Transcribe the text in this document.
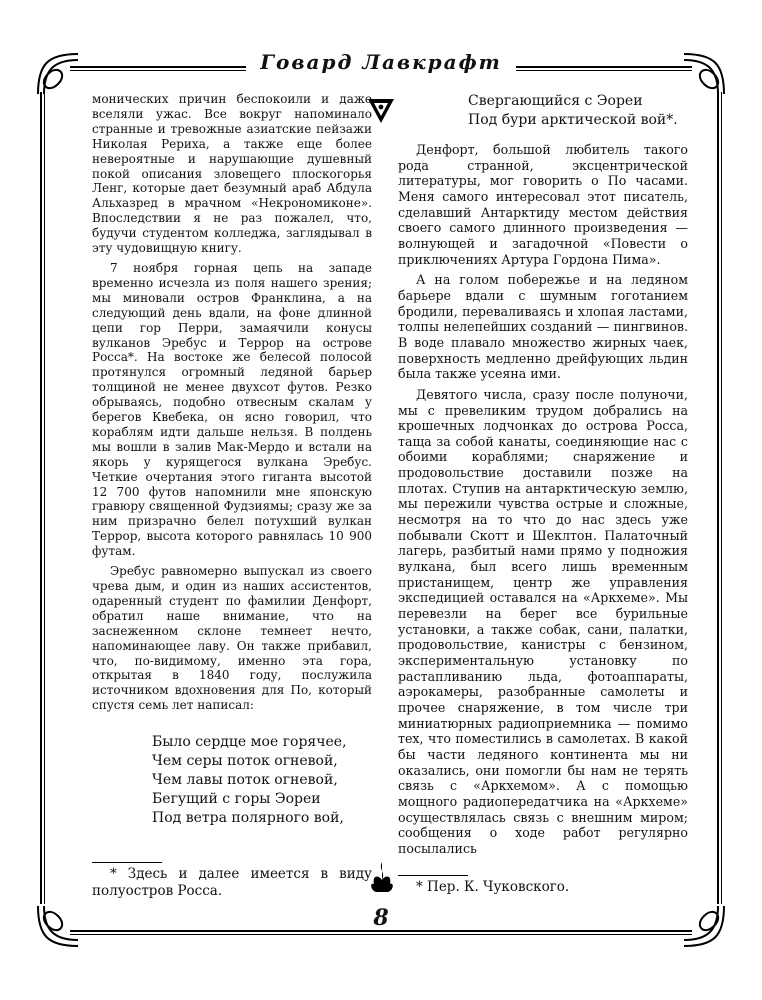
Говард Лавкрафт

монических причин беспокоили и даже вселяли ужас. Все вокруг напоминало странные и тревожные азиатские пейзажи Николая Рериха, а также еще более невероятные и нарушающие душевный покой описания зловещего плоскогорья Ленг, которые дает безумный араб Абдула Альхазред в мрачном «Некрономиконе». Впоследствии я не раз пожалел, что, будучи студентом колледжа, заглядывал в эту чудовищную книгу.

7 ноября горная цепь на западе временно исчезла из поля нашего зрения; мы миновали остров Франклина, а на следующий день вдали, на фоне длинной цепи гор Перри, замаячили конусы вулканов Эребус и Террор на острове Росса*. На востоке же белесой полосой протянулся огромный ледяной барьер толщиной не менее двухсот футов. Резко обрываясь, подобно отвесным скалам у берегов Квебека, он ясно говорил, что кораблям идти дальше нельзя. В полдень мы вошли в залив Мак-Мердо и встали на якорь у курящегося вулкана Эребус. Четкие очертания этого гиганта высотой 12 700 футов напомнили мне японскую гравюру священной Фудзиямы; сразу же за ним призрачно белел потухший вулкан Террор, высота которого равнялась 10 900 футам.

Эребус равномерно выпускал из своего чрева дым, и один из наших ассистентов, одаренный студент по фамилии Денфорт, обратил наше внимание, что на заснеженном склоне темнеет нечто, напоминающее лаву. Он также прибавил, что, по-видимому, именно эта гора, открытая в 1840 году, послужила источником вдохновения для По, который спустя семь лет написал:

Было сердце мое горячее,
Чем серы поток огневой,
Чем лавы поток огневой,
Бегущий с горы Эореи
Под ветра полярного вой,
* Здесь и далее имеется в виду полуостров Росса.
Свергающийся с Эореи
Под бури арктической вой*.

Денфорт, большой любитель такого рода странной, эксцентрической литературы, мог говорить о По часами. Меня самого интересовал этот писатель, сделавший Антарктиду местом действия своего самого длинного произведения — волнующей и загадочной «Повести о приключениях Артура Гордона Пима».

А на голом побережье и на ледяном барьере вдали с шумным гоготанием бродили, переваливаясь и хлопая ластами, толпы нелепейших созданий — пингвинов. В воде плавало множество жирных чаек, поверхность медленно дрейфующих льдин была также усеяна ими.

Девятого числа, сразу после полуночи, мы с превеликим трудом добрались на крошечных лодчонках до острова Росса, таща за собой канаты, соединяющие нас с обоими кораблями; снаряжение и продовольствие доставили позже на плотах. Ступив на антарктическую землю, мы пережили чувства острые и сложные, несмотря на то что до нас здесь уже побывали Скотт и Шеклтон. Палаточный лагерь, разбитый нами прямо у подножия вулкана, был всего лишь временным пристанищем, центр же управления экспедицией оставался на «Аркхеме». Мы перевезли на берег все бурильные установки, а также собак, сани, палатки, продовольствие, канистры с бензином, экспериментальную установку по растапливанию льда, фотоаппараты, аэрокамеры, разобранные самолеты и прочее снаряжение, в том числе три миниатюрных радиоприемника — помимо тех, что поместились в самолетах. В какой бы части ледяного континента мы ни оказались, они помогли бы нам не терять связь с «Аркхемом». А с помощью мощного радиопередатчика на «Аркхеме» осуществлялась связь с внешним миром; сообщения о ходе работ регулярно посылались

* Пер. К. Чуковского.
8
